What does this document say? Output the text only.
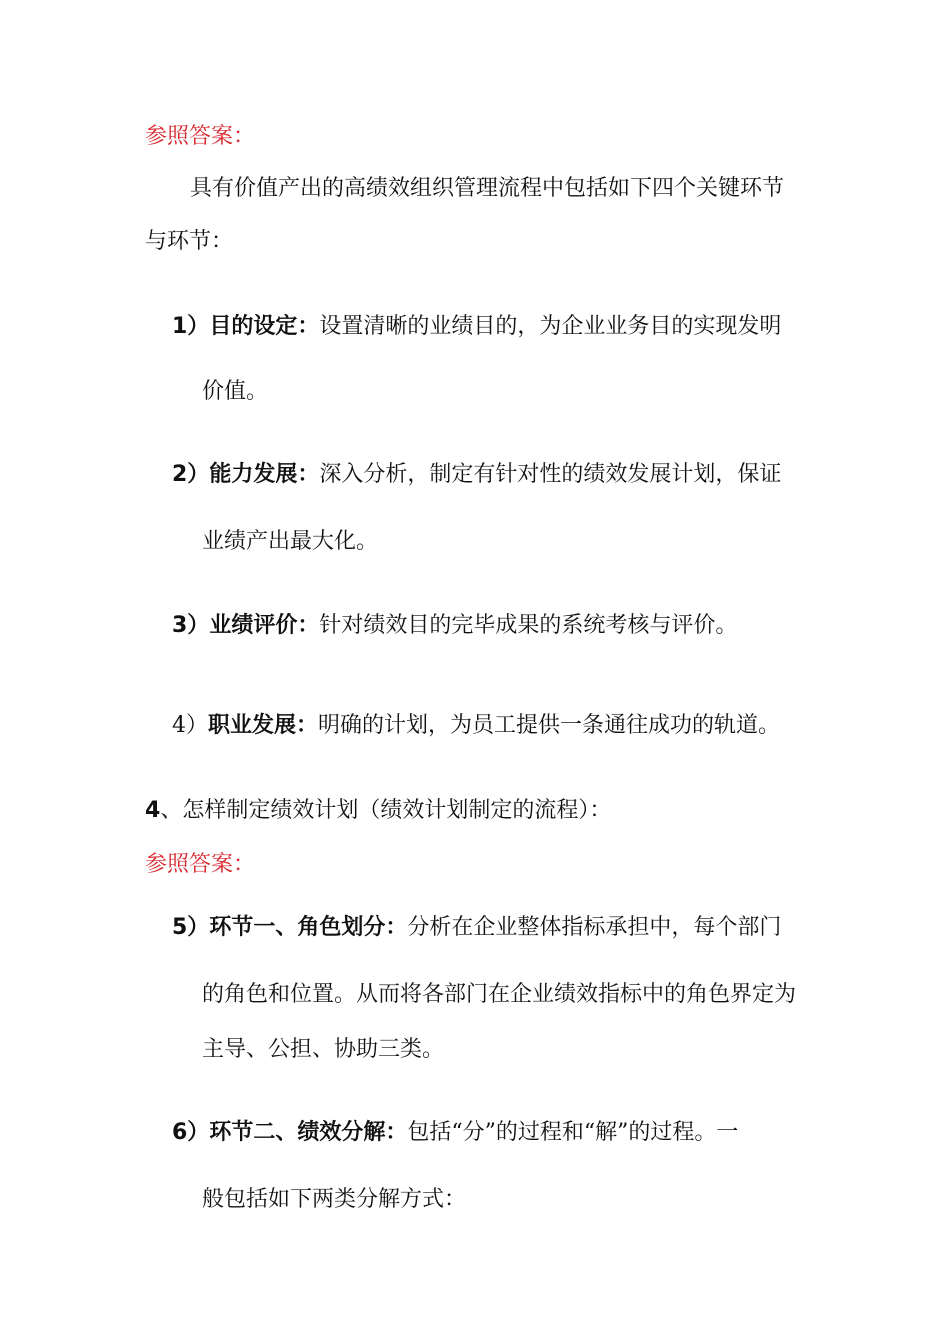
参照答案：
具有价值产出的高绩效组织管理流程中包括如下四个关键环节
与环节：
1）目的设定：设置清晰的业绩目的，为企业业务目的实现发明
价值。
2）能力发展：深入分析，制定有针对性的绩效发展计划，保证
业绩产出最大化。
3）业绩评价：针对绩效目的完毕成果的系统考核与评价。
4）职业发展：明确的计划，为员工提供一条通往成功的轨道。
4、怎样制定绩效计划（绩效计划制定的流程）：
参照答案：
5）环节一、角色划分：分析在企业整体指标承担中，每个部门
的角色和位置。从而将各部门在企业绩效指标中的角色界定为
主导、公担、协助三类。
6）环节二、绩效分解：包括“分”的过程和“解”的过程。一
般包括如下两类分解方式：
